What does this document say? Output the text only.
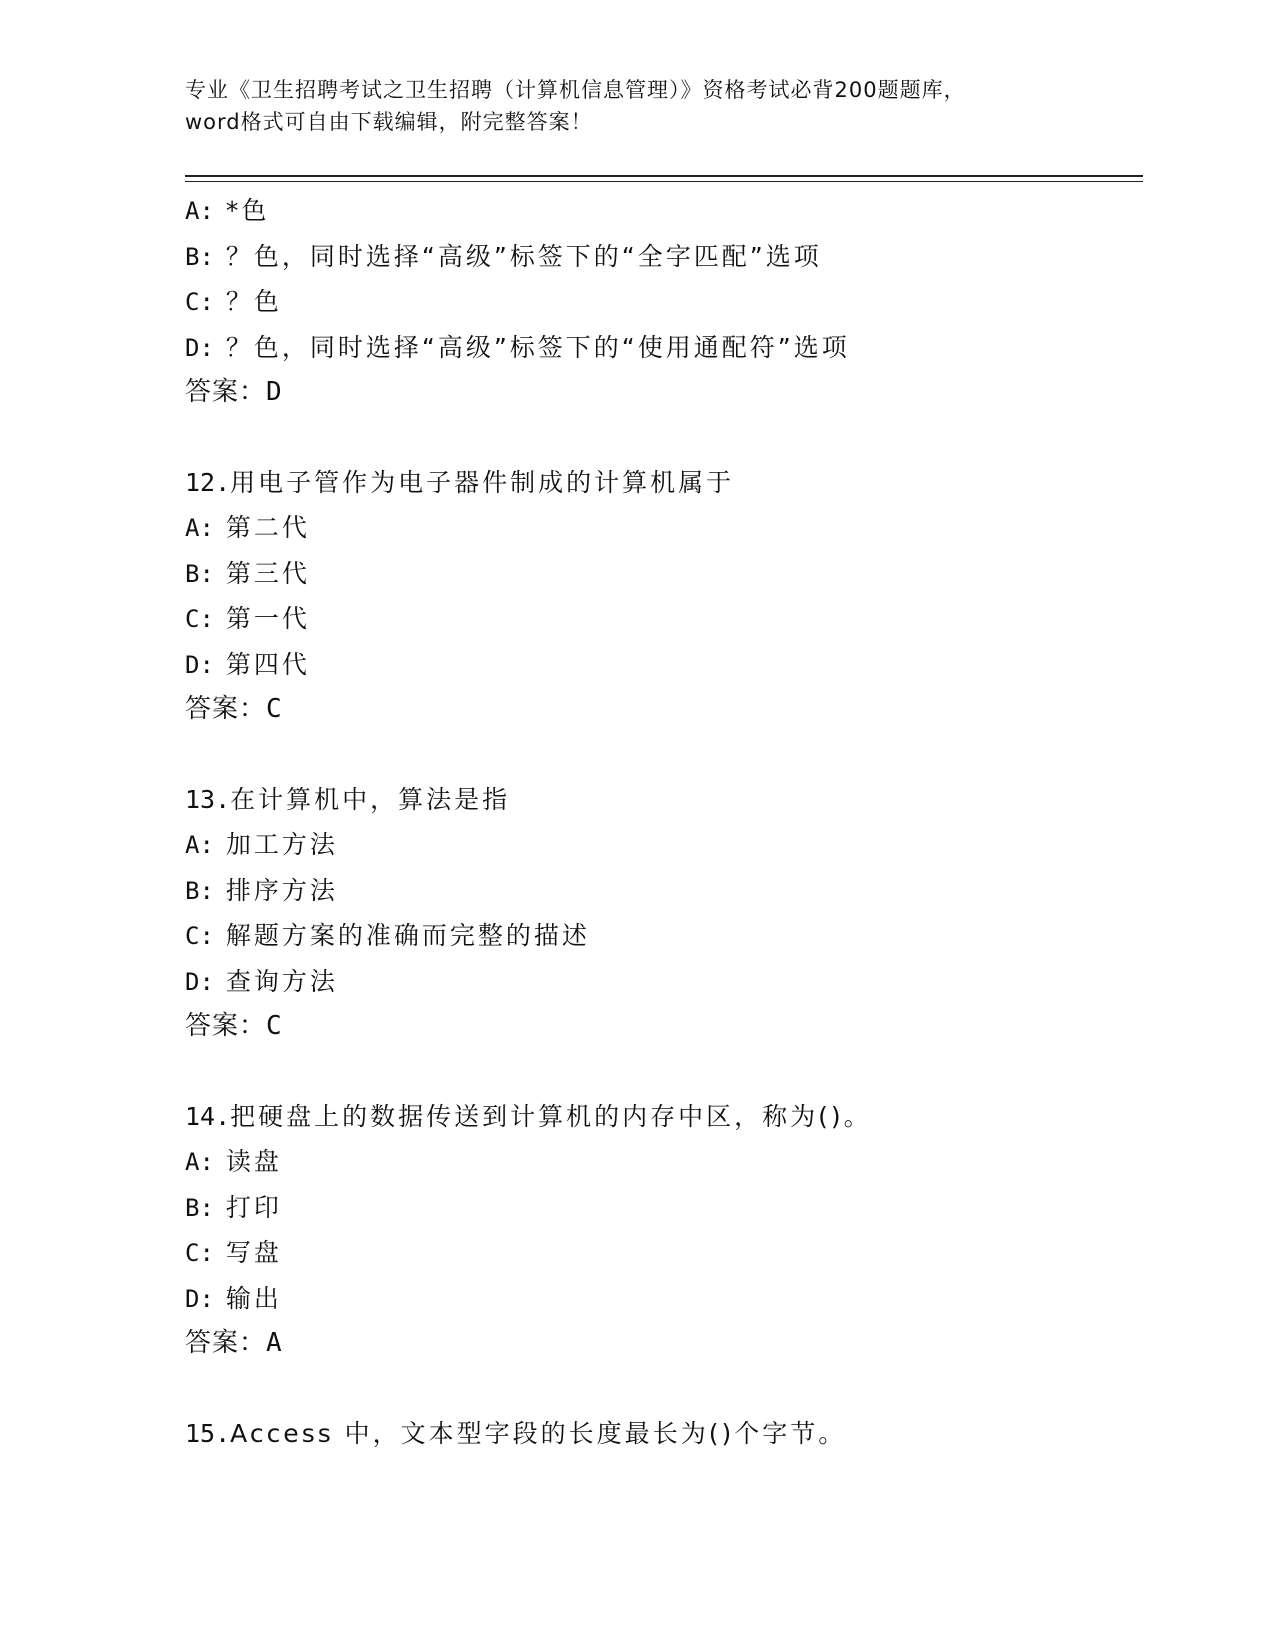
专业《卫生招聘考试之卫生招聘（计算机信息管理）》资格考试必背200题题库，
word格式可自由下载编辑，附完整答案！
A: *色
B: ？色，同时选择“高级”标签下的“全字匹配”选项
C: ？色
D: ？色，同时选择“高级”标签下的“使用通配符”选项
答案：D
12.用电子管作为电子器件制成的计算机属于
A: 第二代
B: 第三代
C: 第一代
D: 第四代
答案：C
13.在计算机中，算法是指
A: 加工方法
B: 排序方法
C: 解题方案的准确而完整的描述
D: 查询方法
答案：C
14.把硬盘上的数据传送到计算机的内存中区，称为()。
A: 读盘
B: 打印
C: 写盘
D: 输出
答案：A
15.Access 中，文本型字段的长度最长为()个字节。
